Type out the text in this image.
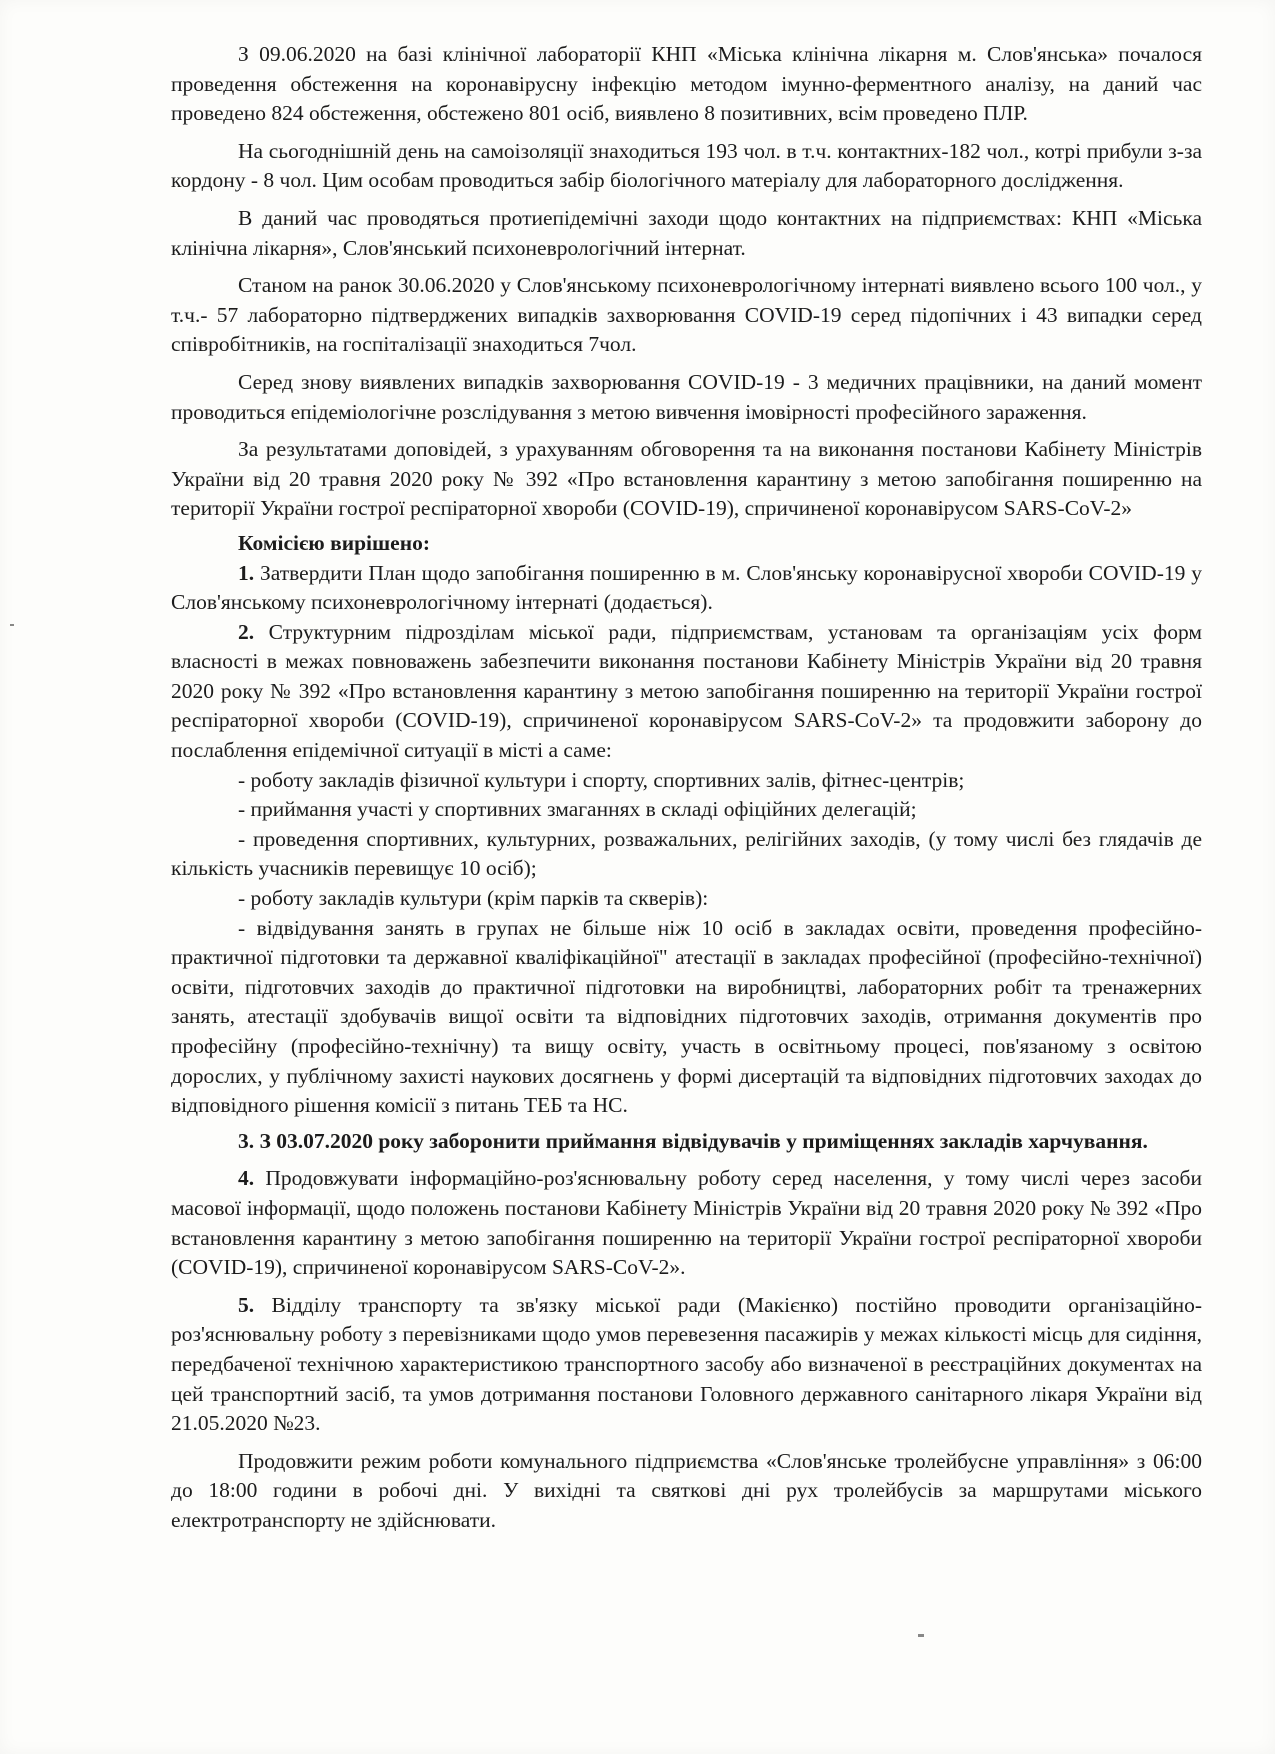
З 09.06.2020 на базі клінічної лабораторії КНП «Міська клінічна лікарня м. Слов'янська» почалося проведення обстеження на коронавірусну інфекцію методом імунно-ферментного аналізу, на даний час проведено 824 обстеження, обстежено 801 осіб, виявлено 8 позитивних, всім проведено ПЛР.

На сьогоднішній день на самоізоляції знаходиться 193 чол. в т.ч. контактних-182 чол., котрі прибули з-за кордону - 8 чол. Цим особам проводиться забір біологічного матеріалу для лабораторного дослідження.

В даний час проводяться протиепідемічні заходи щодо контактних на підприємствах: КНП «Міська клінічна лікарня», Слов'янський психоневрологічний інтернат.

Станом на ранок 30.06.2020 у Слов'янському психоневрологічному інтернаті виявлено всього 100 чол., у т.ч.- 57 лабораторно підтверджених випадків захворювання COVID-19 серед підопічних і 43 випадки серед співробітників, на госпіталізації знаходиться 7чол.

Серед знову виявлених випадків захворювання COVID-19 - 3 медичних працівники, на даний момент проводиться епідеміологічне розслідування з метою вивчення імовірності професійного зараження.

За результатами доповідей, з урахуванням обговорення та на виконання постанови Кабінету Міністрів України від 20 травня 2020 року № 392 «Про встановлення карантину з метою запобігання поширенню на території України гострої респіраторної хвороби (COVID-19), спричиненої коронавірусом SARS-CoV-2»

Комісією вирішено:

1. Затвердити План щодо запобігання поширенню в м. Слов'янську коронавірусної хвороби COVID-19 у Слов'янському психоневрологічному інтернаті (додається).

2. Структурним підрозділам міської ради, підприємствам, установам та організаціям усіх форм власності в межах повноважень забезпечити виконання постанови Кабінету Міністрів України від 20 травня 2020 року № 392 «Про встановлення карантину з метою запобігання поширенню на території України гострої респіраторної хвороби (COVID-19), спричиненої коронавірусом SARS-CoV-2» та продовжити заборону до послаблення епідемічної ситуації в місті а саме:

- роботу закладів фізичної культури і спорту, спортивних залів, фітнес-центрів;

- приймання участі у спортивних змаганнях в складі офіційних делегацій;

- проведення спортивних, культурних, розважальних, релігійних заходів, (у тому числі без глядачів де кількість учасників перевищує 10 осіб);

- роботу закладів культури (крім парків та скверів):

- відвідування занять в групах не більше ніж 10 осіб в закладах освіти, проведення професійно-практичної підготовки та державної кваліфікаційної" атестації в закладах професійної (професійно-технічної) освіти, підготовчих заходів до практичної підготовки на виробництві, лабораторних робіт та тренажерних занять, атестації здобувачів вищої освіти та відповідних підготовчих заходів, отримання документів про професійну (професійно-технічну) та вищу освіту, участь в освітньому процесі, пов'язаному з освітою дорослих, у публічному захисті наукових досягнень у формі дисертацій та відповідних підготовчих заходах до відповідного рішення комісії з питань ТЕБ та НС.

3. З 03.07.2020 року заборонити приймання відвідувачів у приміщеннях закладів харчування.

4. Продовжувати інформаційно-роз'яснювальну роботу серед населення, у тому числі через засоби масової інформації, щодо положень постанови Кабінету Міністрів України від 20 травня 2020 року № 392 «Про встановлення карантину з метою запобігання поширенню на території України гострої респіраторної хвороби (COVID-19), спричиненої коронавірусом SARS-CoV-2».

5. Відділу транспорту та зв'язку міської ради (Макієнко) постійно проводити організаційно-роз'яснювальну роботу з перевізниками щодо умов перевезення пасажирів у межах кількості місць для сидіння, передбаченої технічною характеристикою транспортного засобу або визначеної в реєстраційних документах на цей транспортний засіб, та умов дотримання постанови Головного державного санітарного лікаря України від 21.05.2020 №23.

Продовжити режим роботи комунального підприємства «Слов'янське тролейбусне управління» з 06:00 до 18:00 години в робочі дні. У вихідні та святкові дні рух тролейбусів за маршрутами міського електротранспорту не здійснювати.
